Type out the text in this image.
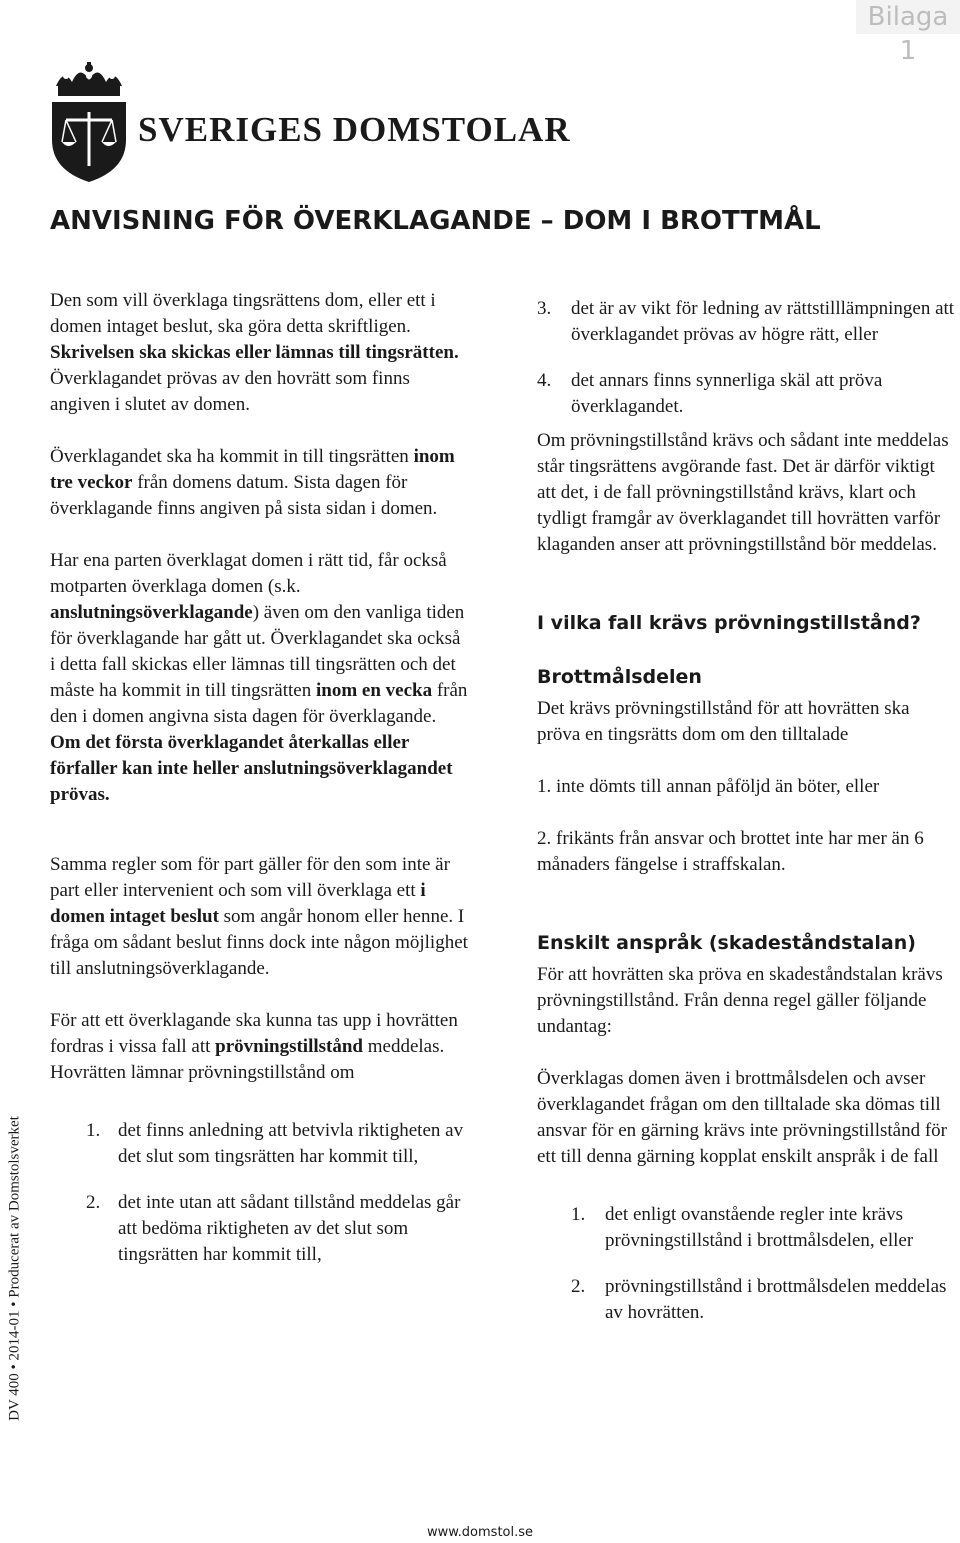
Bilaga 1
SVERIGES DOMSTOLAR
ANVISNING FÖR ÖVERKLAGANDE – DOM I BROTTMÅL

Den som vill överklaga tingsrättens dom, eller ett i domen intaget beslut, ska göra detta skriftligen. Skrivelsen ska skickas eller lämnas till tingsrätten. Överklagandet prövas av den hovrätt som finns angiven i slutet av domen.

Överklagandet ska ha kommit in till tingsrätten inom tre veckor från domens datum. Sista dagen för överklagande finns angiven på sista sidan i domen.

Har ena parten överklagat domen i rätt tid, får också motparten överklaga domen (s.k. anslutningsöverklagande) även om den vanliga tiden för överklagande har gått ut. Överklagandet ska också i detta fall skickas eller lämnas till tingsrätten och det måste ha kommit in till tingsrätten inom en vecka från den i domen angivna sista dagen för överklagande. Om det första överklagandet återkallas eller förfaller kan inte heller anslutningsöverklagandet prövas.

Samma regler som för part gäller för den som inte är part eller intervenient och som vill överklaga ett i domen intaget beslut som angår honom eller henne. I fråga om sådant beslut finns dock inte någon möjlighet till anslutningsöverklagande.

För att ett överklagande ska kunna tas upp i hovrätten fordras i vissa fall att prövningstillstånd meddelas. Hovrätten lämnar prövningstillstånd om

1. det finns anledning att betvivla riktigheten av det slut som tingsrätten har kommit till,
2. det inte utan att sådant tillstånd meddelas går att bedöma riktigheten av det slut som tingsrätten har kommit till,
3. det är av vikt för ledning av rättstilllämpningen att överklagandet prövas av högre rätt, eller
4. det annars finns synnerliga skäl att pröva överklagandet.

Om prövningstillstånd krävs och sådant inte meddelas står tingsrättens avgörande fast. Det är därför viktigt att det, i de fall prövningstillstånd krävs, klart och tydligt framgår av överklagandet till hovrätten varför klaganden anser att prövningstillstånd bör meddelas.

I vilka fall krävs prövningstillstånd?
Brottmålsdelen

Det krävs prövningstillstånd för att hovrätten ska pröva en tingsrätts dom om den tilltalade

1. inte dömts till annan påföljd än böter, eller

2. frikänts från ansvar och brottet inte har mer än 6 månaders fängelse i straffskalan.

Enskilt anspråk (skadeståndstalan)

För att hovrätten ska pröva en skadeståndstalan krävs prövningstillstånd. Från denna regel gäller följande undantag:

Överklagas domen även i brottmålsdelen och avser överklagandet frågan om den tilltalade ska dömas till ansvar för en gärning krävs inte prövningstillstånd för ett till denna gärning kopplat enskilt anspråk i de fall

1. det enligt ovanstående regler inte krävs prövningstillstånd i brottmålsdelen, eller
2. prövningstillstånd i brottmålsdelen meddelas av hovrätten.
DV 400 • 2014-01 • Producerat av Domstolsverket
www.domstol.se
